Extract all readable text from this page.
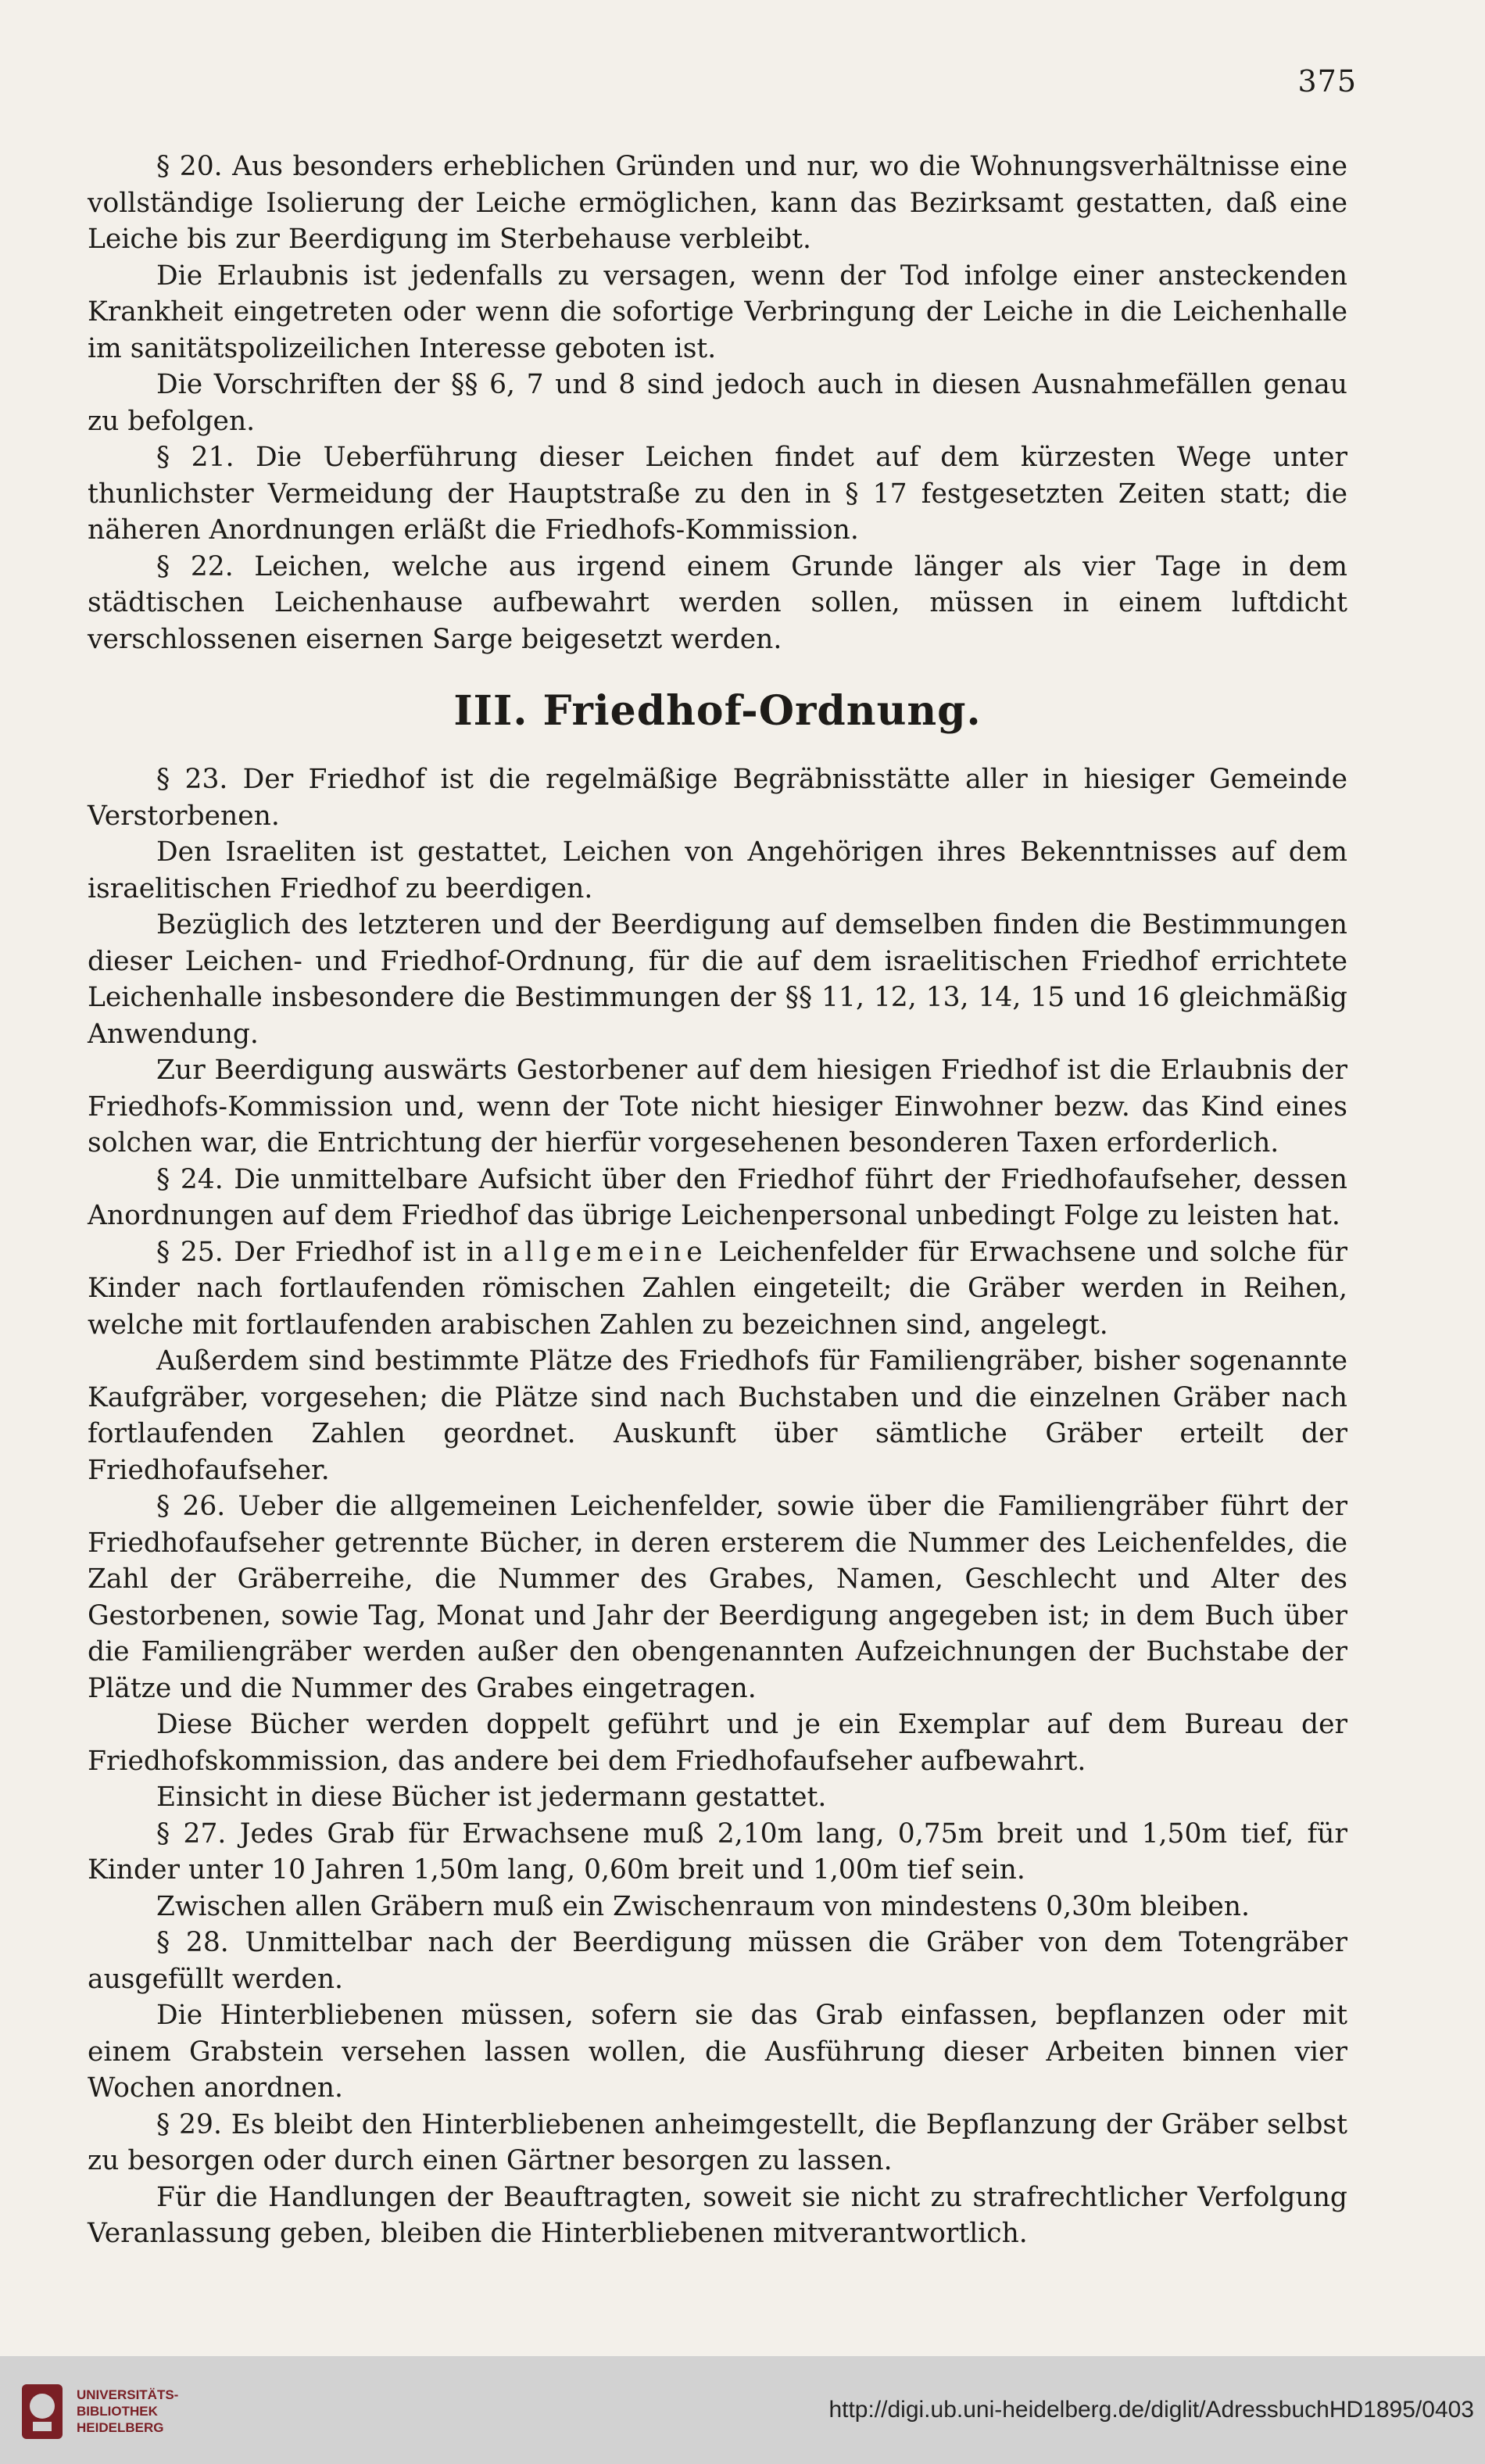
375

§ 20. Aus besonders erheblichen Gründen und nur, wo die Wohnungsverhältnisse eine vollständige Isolierung der Leiche ermöglichen, kann das Bezirksamt gestatten, daß eine Leiche bis zur Beerdigung im Sterbehause verbleibt.

Die Erlaubnis ist jedenfalls zu versagen, wenn der Tod infolge einer ansteckenden Krankheit eingetreten oder wenn die sofortige Verbringung der Leiche in die Leichenhalle im sanitätspolizeilichen Interesse geboten ist.

Die Vorschriften der §§ 6, 7 und 8 sind jedoch auch in diesen Ausnahmefällen genau zu befolgen.

§ 21. Die Ueberführung dieser Leichen findet auf dem kürzesten Wege unter thunlichster Vermeidung der Hauptstraße zu den in § 17 festgesetzten Zeiten statt; die näheren Anordnungen erläßt die Friedhofs-Kommission.

§ 22. Leichen, welche aus irgend einem Grunde länger als vier Tage in dem städtischen Leichenhause aufbewahrt werden sollen, müssen in einem luftdicht verschlossenen eisernen Sarge beigesetzt werden.

III. Friedhof-Ordnung.

§ 23. Der Friedhof ist die regelmäßige Begräbnisstätte aller in hiesiger Gemeinde Verstorbenen.

Den Israeliten ist gestattet, Leichen von Angehörigen ihres Bekenntnisses auf dem israelitischen Friedhof zu beerdigen.

Bezüglich des letzteren und der Beerdigung auf demselben finden die Bestimmungen dieser Leichen- und Friedhof-Ordnung, für die auf dem israelitischen Friedhof errichtete Leichenhalle insbesondere die Bestimmungen der §§ 11, 12, 13, 14, 15 und 16 gleichmäßig Anwendung.

Zur Beerdigung auswärts Gestorbener auf dem hiesigen Friedhof ist die Erlaubnis der Friedhofs-Kommission und, wenn der Tote nicht hiesiger Einwohner bezw. das Kind eines solchen war, die Entrichtung der hierfür vorgesehenen besonderen Taxen erforderlich.

§ 24. Die unmittelbare Aufsicht über den Friedhof führt der Friedhofaufseher, dessen Anordnungen auf dem Friedhof das übrige Leichenpersonal unbedingt Folge zu leisten hat.

§ 25. Der Friedhof ist in allgemeine Leichenfelder für Erwachsene und solche für Kinder nach fortlaufenden römischen Zahlen eingeteilt; die Gräber werden in Reihen, welche mit fortlaufenden arabischen Zahlen zu bezeichnen sind, angelegt.

Außerdem sind bestimmte Plätze des Friedhofs für Familiengräber, bisher sogenannte Kaufgräber, vorgesehen; die Plätze sind nach Buchstaben und die einzelnen Gräber nach fortlaufenden Zahlen geordnet. Auskunft über sämtliche Gräber erteilt der Friedhofaufseher.

§ 26. Ueber die allgemeinen Leichenfelder, sowie über die Familiengräber führt der Friedhofaufseher getrennte Bücher, in deren ersterem die Nummer des Leichenfeldes, die Zahl der Gräberreihe, die Nummer des Grabes, Namen, Geschlecht und Alter des Gestorbenen, sowie Tag, Monat und Jahr der Beerdigung angegeben ist; in dem Buch über die Familiengräber werden außer den obengenannten Aufzeichnungen der Buchstabe der Plätze und die Nummer des Grabes eingetragen.

Diese Bücher werden doppelt geführt und je ein Exemplar auf dem Bureau der Friedhofskommission, das andere bei dem Friedhofaufseher aufbewahrt.

Einsicht in diese Bücher ist jedermann gestattet.

§ 27. Jedes Grab für Erwachsene muß 2,10m lang, 0,75m breit und 1,50m tief, für Kinder unter 10 Jahren 1,50m lang, 0,60m breit und 1,00m tief sein.

Zwischen allen Gräbern muß ein Zwischenraum von mindestens 0,30m bleiben.

§ 28. Unmittelbar nach der Beerdigung müssen die Gräber von dem Totengräber ausgefüllt werden.

Die Hinterbliebenen müssen, sofern sie das Grab einfassen, bepflanzen oder mit einem Grabstein versehen lassen wollen, die Ausführung dieser Arbeiten binnen vier Wochen anordnen.

§ 29. Es bleibt den Hinterbliebenen anheimgestellt, die Bepflanzung der Gräber selbst zu besorgen oder durch einen Gärtner besorgen zu lassen.

Für die Handlungen der Beauftragten, soweit sie nicht zu strafrechtlicher Verfolgung Veranlassung geben, bleiben die Hinterbliebenen mitverantwortlich.

UNIVERSITÄTS-
BIBLIOTHEK
HEIDELBERG
http://digi.ub.uni-heidelberg.de/diglit/AdressbuchHD1895/0403
